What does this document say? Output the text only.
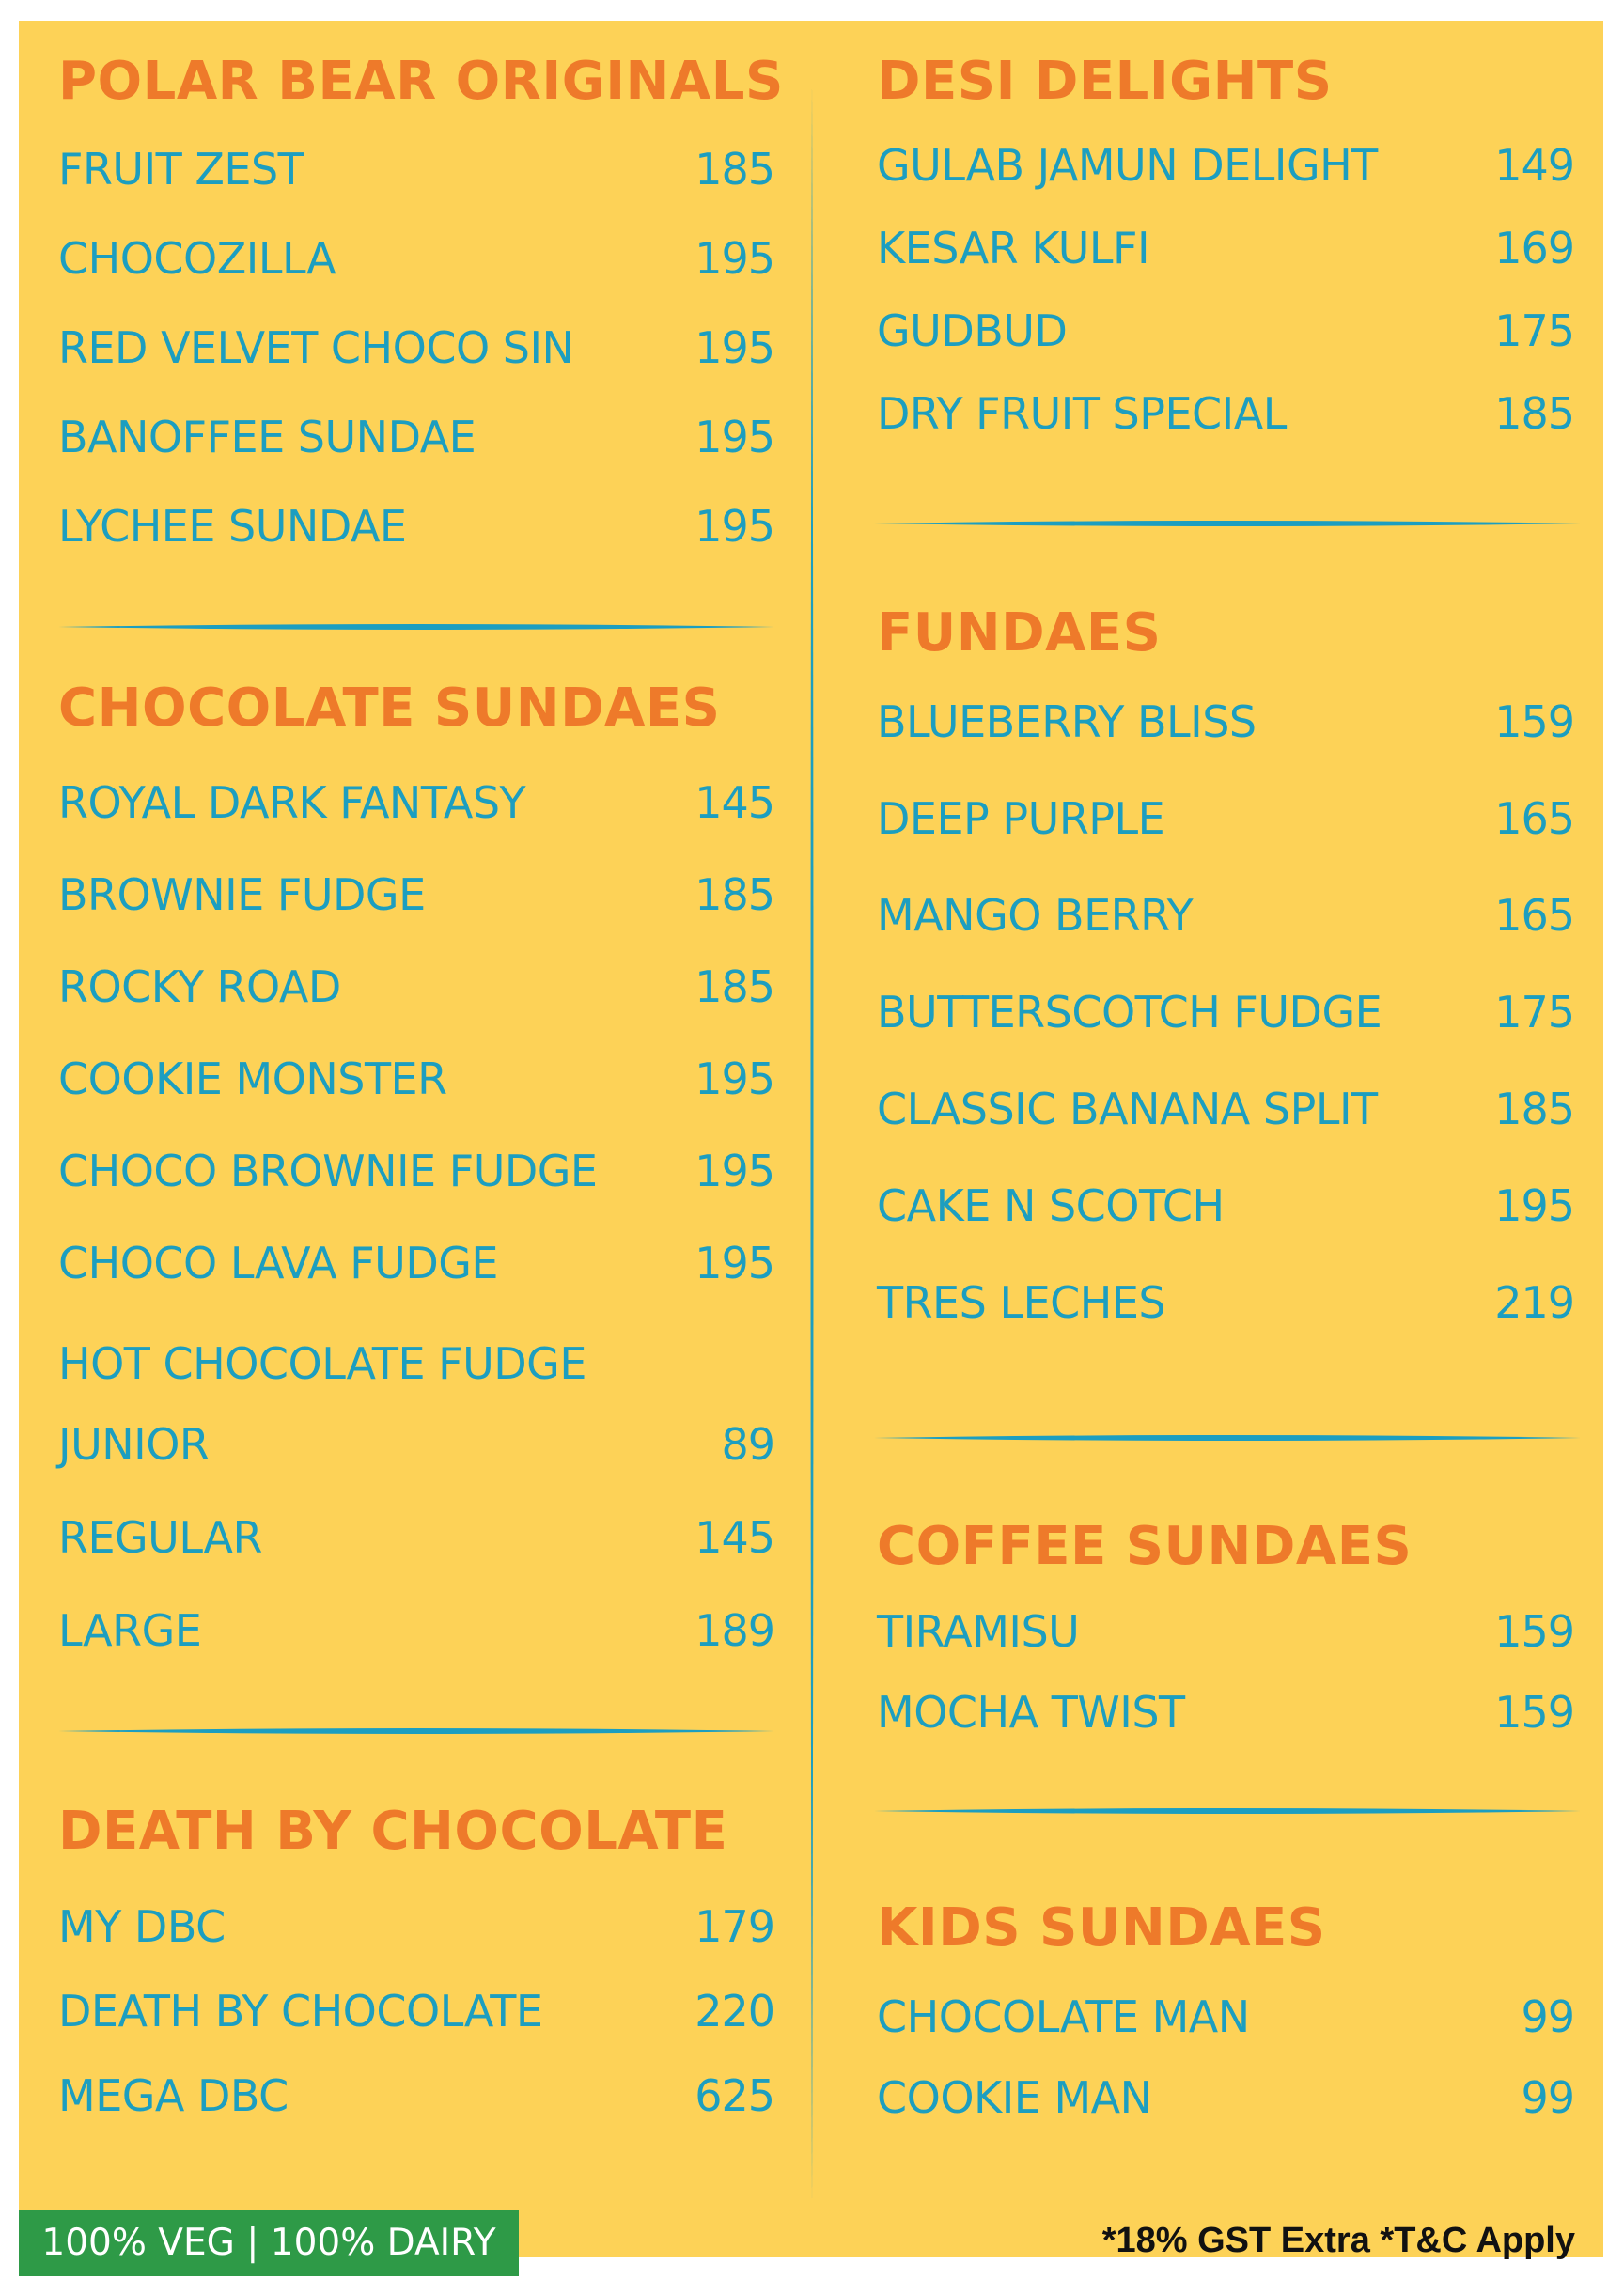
POLAR BEAR ORIGINALS
FRUIT ZEST	185
CHOCOZILLA	195
RED VELVET CHOCO SIN	195
BANOFFEE SUNDAE	195
LYCHEE SUNDAE	195
CHOCOLATE SUNDAES
ROYAL DARK FANTASY	145
BROWNIE FUDGE	185
ROCKY ROAD	185
COOKIE MONSTER	195
CHOCO BROWNIE FUDGE 195
CHOCO LAVA FUDGE	195
HOT CHOCOLATE FUDGE
JUNIOR	89
REGULAR	145
LARGE	189
DEATH BY CHOCOLATE
MY DBC	179
DEATH BY CHOCOLATE	220
MEGA DBC	625
DESI DELIGHTS
GULAB JAMUN DELIGHT	149
KESAR KULFI	169
GUDBUD	175
DRY FRUIT SPECIAL	185
FUNDAES
BLUEBERRY BLISS	159
DEEP PURPLE	165
MANGO BERRY	165
BUTTERSCOTCH FUDGE	175
CLASSIC BANANA SPLIT	185
CAKE N SCOTCH	195
TRES LECHES	219
COFFEE SUNDAES
TIRAMISU	159
MOCHA TWIST	159
KIDS SUNDAES
CHOCOLATE MAN	99
COOKIE MAN	99
100% VEG | 100% DAIRY	*18% GST Extra *T&C Apply
